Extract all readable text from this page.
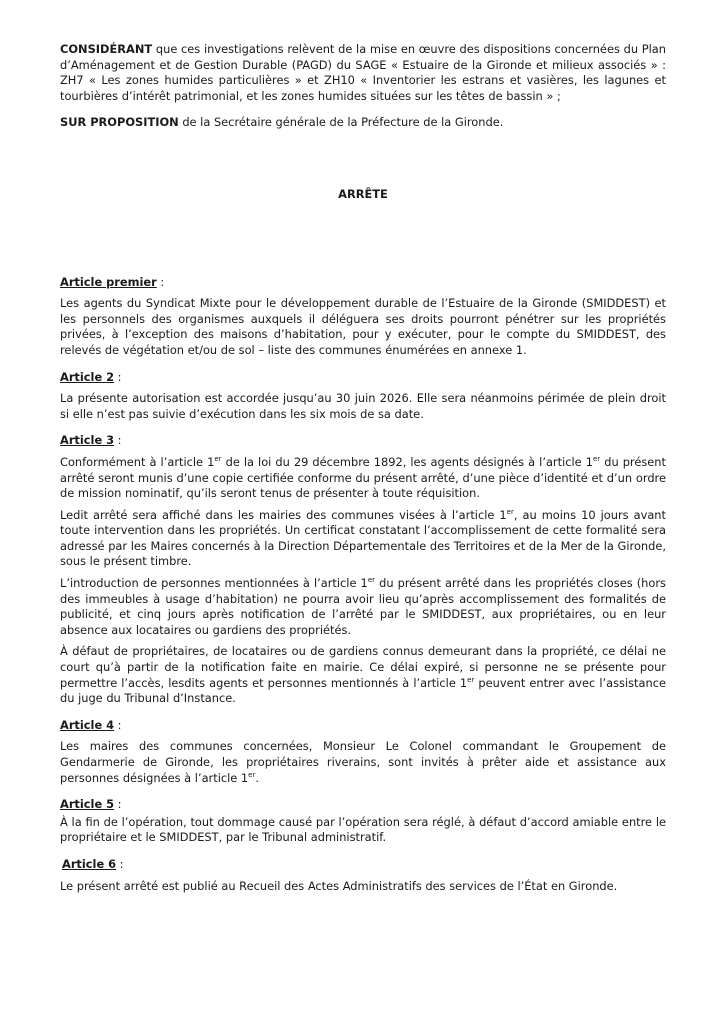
CONSIDÉRANT que ces investigations relèvent de la mise en œuvre des dispositions concernées du Plan d’Aménagement et de Gestion Durable (PAGD) du SAGE « Estuaire de la Gironde et milieux associés » : ZH7 « Les zones humides particulières » et ZH10 « Inventorier les estrans et vasières, les lagunes et tourbières d’intérêt patrimonial, et les zones humides situées sur les têtes de bassin » ;

SUR PROPOSITION de la Secrétaire générale de la Préfecture de la Gironde.

ARRÊTE

Article premier :

Les agents du Syndicat Mixte pour le développement durable de l’Estuaire de la Gironde (SMIDDEST) et les personnels des organismes auxquels il déléguera ses droits pourront pénétrer sur les propriétés privées, à l’exception des maisons d’habitation, pour y exécuter, pour le compte du SMIDDEST, des relevés de végétation et/ou de sol – liste des communes énumérées en annexe 1.

Article 2 :

La présente autorisation est accordée jusqu’au 30 juin 2026. Elle sera néanmoins périmée de plein droit si elle n’est pas suivie d’exécution dans les six mois de sa date.

Article 3 :

Conformément à l’article 1er de la loi du 29 décembre 1892, les agents désignés à l’article 1er du présent arrêté seront munis d’une copie certifiée conforme du présent arrêté, d’une pièce d’identité et d’un ordre de mission nominatif, qu’ils seront tenus de présenter à toute réquisition.

Ledit arrêté sera affiché dans les mairies des communes visées à l’article 1er, au moins 10 jours avant toute intervention dans les propriétés. Un certificat constatant l’accomplissement de cette formalité sera adressé par les Maires concernés à la Direction Départementale des Territoires et de la Mer de la Gironde, sous le présent timbre.

L’introduction de personnes mentionnées à l’article 1er du présent arrêté dans les propriétés closes (hors des immeubles à usage d’habitation) ne pourra avoir lieu qu’après accomplissement des formalités de publicité, et cinq jours après notification de l’arrêté par le SMIDDEST, aux propriétaires, ou en leur absence aux locataires ou gardiens des propriétés.

À défaut de propriétaires, de locataires ou de gardiens connus demeurant dans la propriété, ce délai ne court qu’à partir de la notification faite en mairie. Ce délai expiré, si personne ne se présente pour permettre l’accès, lesdits agents et personnes mentionnés à l’article 1er peuvent entrer avec l’assistance du juge du Tribunal d’Instance.

Article 4 :

Les maires des communes concernées, Monsieur Le Colonel commandant le Groupement de Gendarmerie de Gironde, les propriétaires riverains, sont invités à prêter aide et assistance aux personnes désignées à l’article 1er.

Article 5 :

À la fin de l’opération, tout dommage causé par l’opération sera réglé, à défaut d’accord amiable entre le propriétaire et le SMIDDEST, par le Tribunal administratif.

Article 6 :

Le présent arrêté est publié au Recueil des Actes Administratifs des services de l’État en Gironde.
